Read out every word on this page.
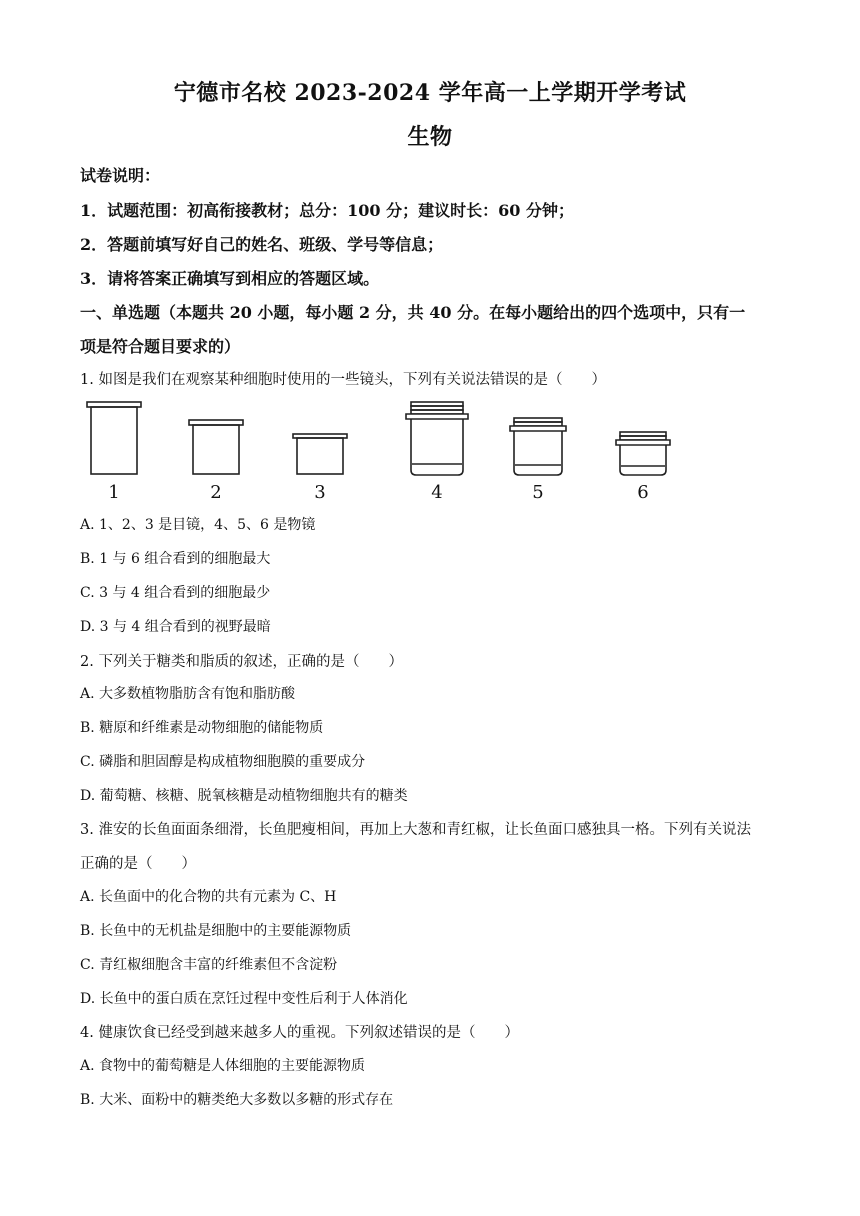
宁德市名校 2023-2024 学年高一上学期开学考试
生物
试卷说明：
1．试题范围：初高衔接教材；总分：100 分；建议时长：60 分钟；
2．答题前填写好自己的姓名、班级、学号等信息；
3．请将答案正确填写到相应的答题区域。
一、单选题（本题共 20 小题，每小题 2 分，共 40 分。在每小题给出的四个选项中，只有一
项是符合题目要求的）
1. 如图是我们在观察某种细胞时使用的一些镜头，下列有关说法错误的是（　　）
1	2	3	4	5	6
A. 1、2、3 是目镜，4、5、6 是物镜
B. 1 与 6 组合看到的细胞最大
C. 3 与 4 组合看到的细胞最少
D. 3 与 4 组合看到的视野最暗
2. 下列关于糖类和脂质的叙述，正确的是（　　）
A. 大多数植物脂肪含有饱和脂肪酸
B. 糖原和纤维素是动物细胞的储能物质
C. 磷脂和胆固醇是构成植物细胞膜的重要成分
D. 葡萄糖、核糖、脱氧核糖是动植物细胞共有的糖类
3. 淮安的长鱼面面条细滑，长鱼肥瘦相间，再加上大葱和青红椒，让长鱼面口感独具一格。下列有关说法
正确的是（　　）
A. 长鱼面中的化合物的共有元素为 C、H
B. 长鱼中的无机盐是细胞中的主要能源物质
C. 青红椒细胞含丰富的纤维素但不含淀粉
D. 长鱼中的蛋白质在烹饪过程中变性后利于人体消化
4. 健康饮食已经受到越来越多人的重视。下列叙述错误的是（　　）
A. 食物中的葡萄糖是人体细胞的主要能源物质
B. 大米、面粉中的糖类绝大多数以多糖的形式存在
